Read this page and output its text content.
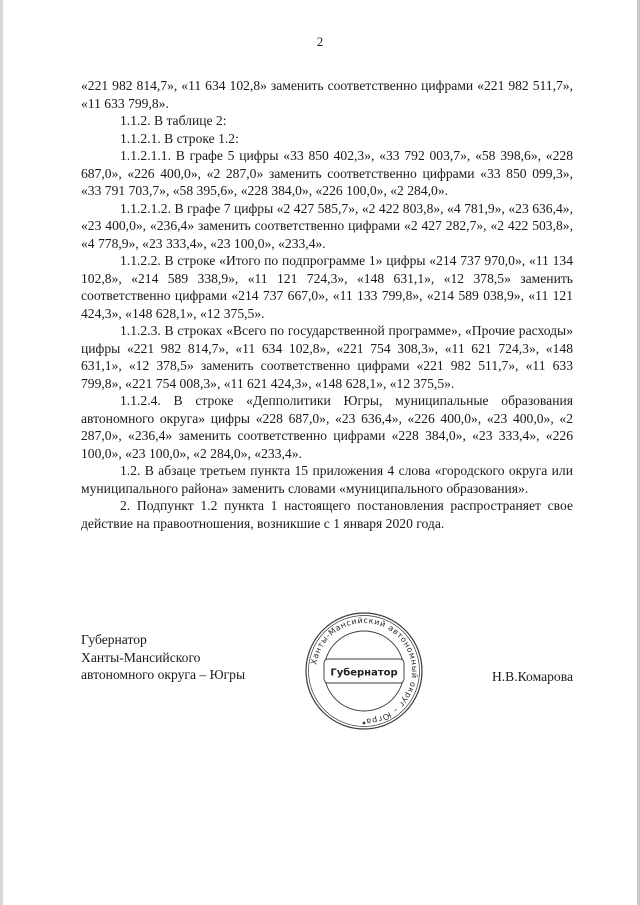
2

«221 982 814,7», «11 634 102,8» заменить соответственно цифрами «221 982 511,7», «11 633 799,8».

1.1.2. В таблице 2:

1.1.2.1. В строке 1.2:

1.1.2.1.1. В графе 5 цифры «33 850 402,3», «33 792 003,7», «58 398,6», «228 687,0», «226 400,0», «2 287,0» заменить соответственно цифрами «33 850 099,3», «33 791 703,7», «58 395,6», «228 384,0», «226 100,0», «2 284,0».

1.1.2.1.2. В графе 7 цифры «2 427 585,7», «2 422 803,8», «4 781,9», «23 636,4», «23 400,0», «236,4» заменить соответственно цифрами «2 427 282,7», «2 422 503,8», «4 778,9», «23 333,4», «23 100,0», «233,4».

1.1.2.2. В строке «Итого по подпрограмме 1» цифры «214 737 970,0», «11 134 102,8», «214 589 338,9», «11 121 724,3», «148 631,1», «12 378,5» заменить соответственно цифрами «214 737 667,0», «11 133 799,8», «214 589 038,9», «11 121 424,3», «148 628,1», «12 375,5».

1.1.2.3. В строках «Всего по государственной программе», «Прочие расходы» цифры «221 982 814,7», «11 634 102,8», «221 754 308,3», «11 621 724,3», «148 631,1», «12 378,5» заменить соответственно цифрами «221 982 511,7», «11 633 799,8», «221 754 008,3», «11 621 424,3», «148 628,1», «12 375,5».

1.1.2.4. В строке «Депполитики Югры, муниципальные образования автономного округа» цифры «228 687,0», «23 636,4», «226 400,0», «23 400,0», «2 287,0», «236,4» заменить соответственно цифрами «228 384,0», «23 333,4», «226 100,0», «23 100,0», «2 284,0», «233,4».

1.2. В абзаце третьем пункта 15 приложения 4 слова «городского округа или муниципального района» заменить словами «муниципального образования».

2. Подпункт 1.2 пункта 1 настоящего постановления распространяет свое действие на правоотношения, возникшие с 1 января 2020 года.

Губернатор
Ханты-Мансийского
автономного округа – Югры
Ханты-Мансийский автономный округ – Югра
Губернатор	Н.В.Комарова
